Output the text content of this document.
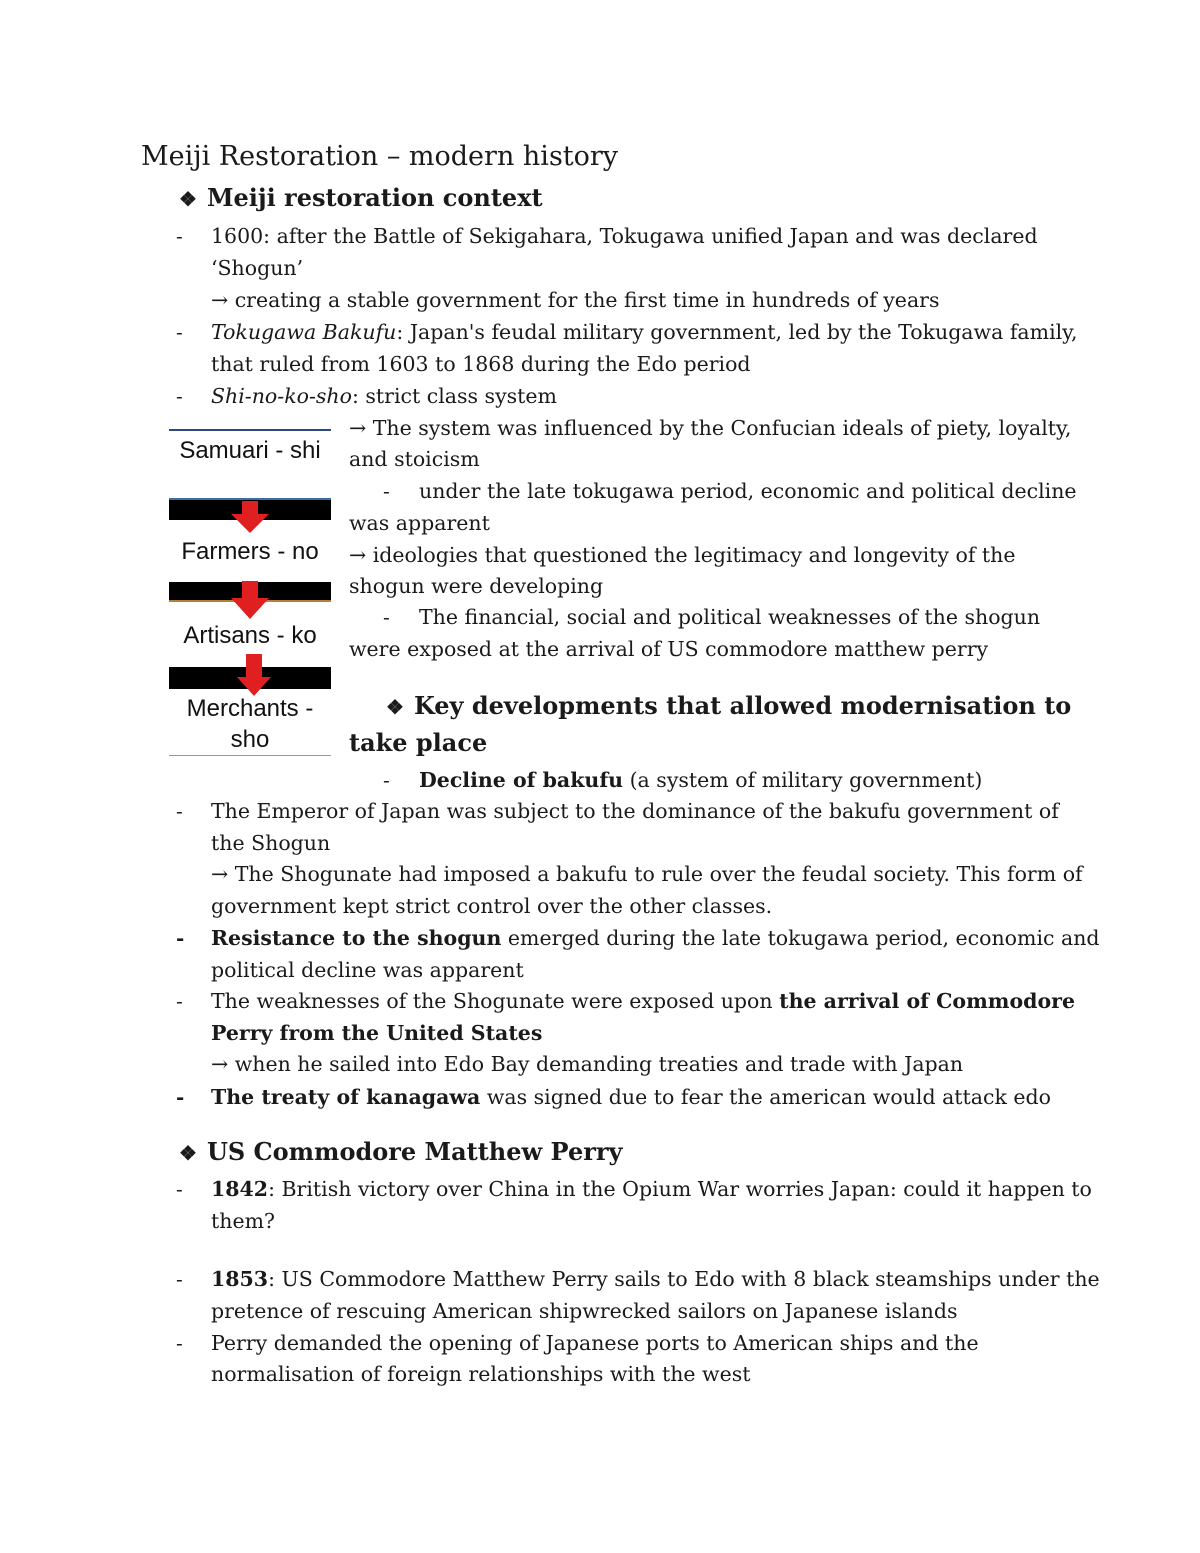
Meiji Restoration – modern history
❖ Meiji restoration context
- 1600: after the Battle of Sekigahara, Tokugawa unified Japan and was declared
‘Shogun’
→ creating a stable government for the first time in hundreds of years
- Tokugawa Bakufu: Japan's feudal military government, led by the Tokugawa family,
that ruled from 1603 to 1868 during the Edo period
- Shi-no-ko-sho: strict class system
Samuari - shi
Farmers - no
Artisans - ko
Merchants - sho
→ The system was influenced by the Confucian ideals of piety, loyalty,
and stoicism
- under the late tokugawa period, economic and political decline
was apparent
→ ideologies that questioned the legitimacy and longevity of the
shogun were developing
- The financial, social and political weaknesses of the shogun
were exposed at the arrival of US commodore matthew perry
❖ Key developments that allowed modernisation to
take place
- Decline of bakufu (a system of military government)
- The Emperor of Japan was subject to the dominance of the bakufu government of
the Shogun
→ The Shogunate had imposed a bakufu to rule over the feudal society. This form of
government kept strict control over the other classes.
- Resistance to the shogun emerged during the late tokugawa period, economic and
political decline was apparent
- The weaknesses of the Shogunate were exposed upon the arrival of Commodore
Perry from the United States
→ when he sailed into Edo Bay demanding treaties and trade with Japan
- The treaty of kanagawa was signed due to fear the american would attack edo
❖ US Commodore Matthew Perry
- 1842: British victory over China in the Opium War worries Japan: could it happen to
them?
- 1853: US Commodore Matthew Perry sails to Edo with 8 black steamships under the
pretence of rescuing American shipwrecked sailors on Japanese islands
- Perry demanded the opening of Japanese ports to American ships and the
normalisation of foreign relationships with the west
